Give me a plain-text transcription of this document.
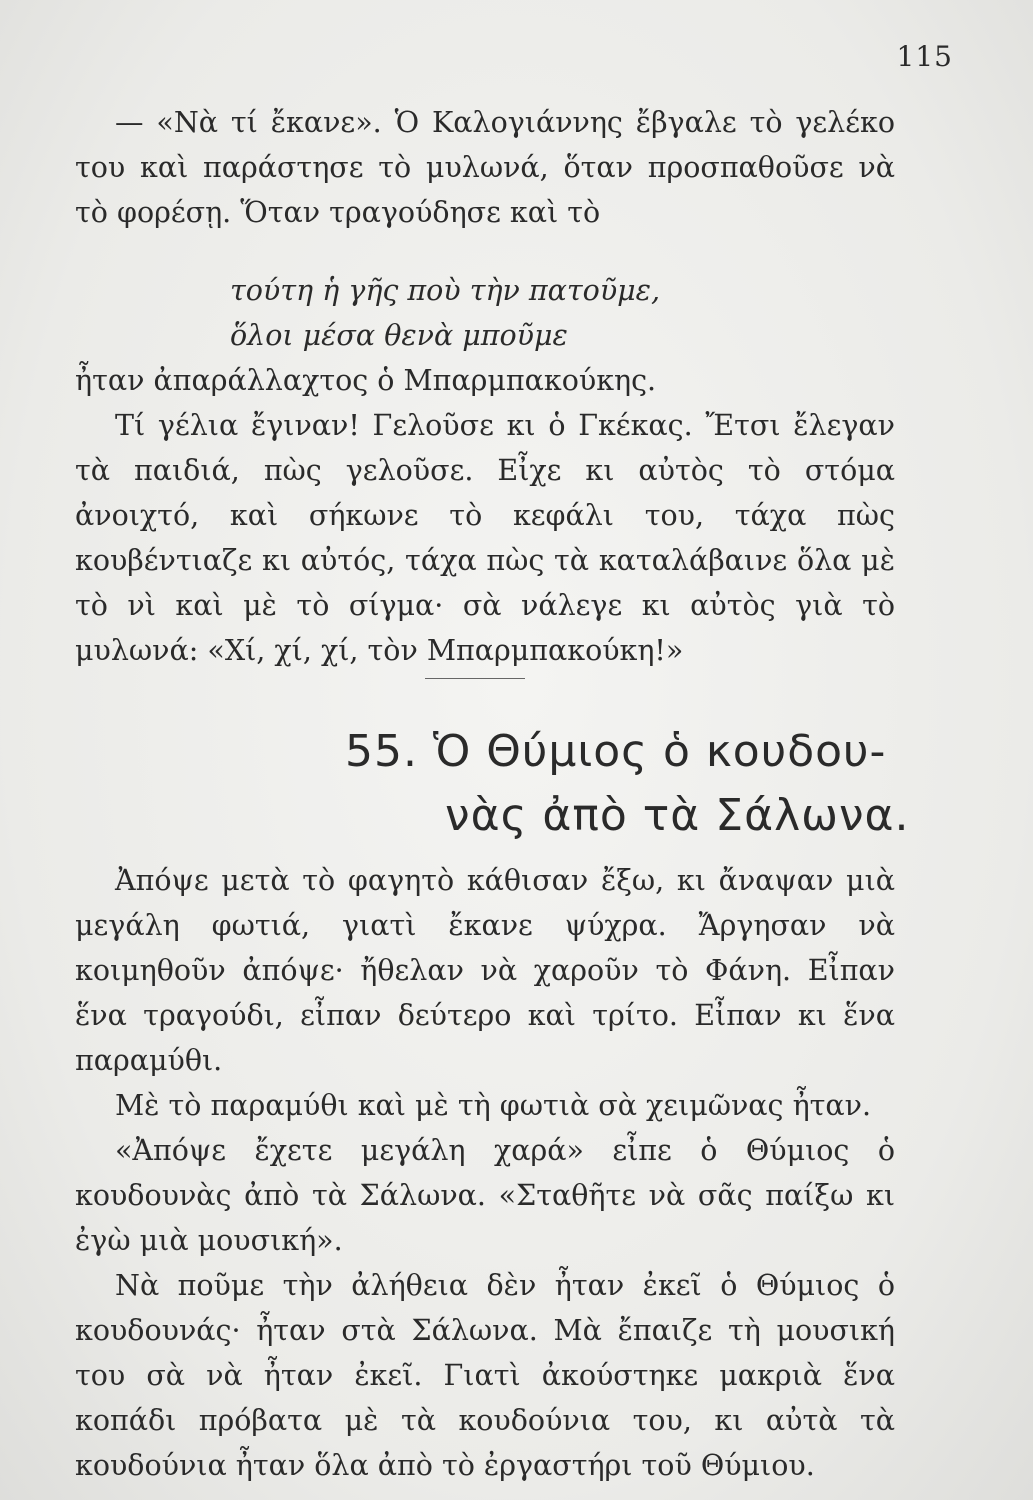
115

— «Νὰ τί ἔκανε». Ὁ Καλογιάννης ἔβγαλε τὸ γελέκο του καὶ παράστησε τὸ μυλωνά, ὅταν προσπαθοῦσε νὰ τὸ φορέσῃ. Ὅταν τραγούδησε καὶ τὸ

τούτη ἡ γῆς ποὺ τὴν πατοῦμε,
ὅλοι μέσα θενὰ μποῦμε

ἦταν ἀπαράλλαχτος ὁ Μπαρμπακούκης.

Τί γέλια ἔγιναν! Γελοῦσε κι ὁ Γκέκας. Ἔτσι ἔλεγαν τὰ παιδιά, πὼς γελοῦσε. Εἶχε κι αὐτὸς τὸ στόμα ἀνοιχτό, καὶ σήκωνε τὸ κεφάλι του, τάχα πὼς κουβέντιαζε κι αὐτός, τάχα πὼς τὰ καταλάβαινε ὅλα μὲ τὸ νὶ καὶ μὲ τὸ σίγμα· σὰ νάλεγε κι αὐτὸς γιὰ τὸ μυλωνά: «Χί, χί, χί, τὸν Μπαρμπακούκη!»

55. Ὁ Θύμιος ὁ κουδου-
νὰς ἀπὸ τὰ Σάλωνα.

Ἀπόψε μετὰ τὸ φαγητὸ κάθισαν ἔξω, κι ἄναψαν μιὰ μεγάλη φωτιά, γιατὶ ἔκανε ψύχρα. Ἄργησαν νὰ κοιμηθοῦν ἀπόψε· ἤθελαν νὰ χαροῦν τὸ Φάνη. Εἶπαν ἕνα τραγούδι, εἶπαν δεύτερο καὶ τρίτο. Εἶπαν κι ἕνα παραμύθι.

Μὲ τὸ παραμύθι καὶ μὲ τὴ φωτιὰ σὰ χειμῶνας ἦταν.

«Ἀπόψε ἔχετε μεγάλη χαρά» εἶπε ὁ Θύμιος ὁ κουδουνὰς ἀπὸ τὰ Σάλωνα. «Σταθῆτε νὰ σᾶς παίξω κι ἐγὼ μιὰ μουσική».

Νὰ ποῦμε τὴν ἀλήθεια δὲν ἦταν ἐκεῖ ὁ Θύμιος ὁ κουδουνάς· ἦταν στὰ Σάλωνα. Μὰ ἔπαιζε τὴ μουσική του σὰ νὰ ἦταν ἐκεῖ. Γιατὶ ἀκούστηκε μακριὰ ἕνα κοπάδι πρόβατα μὲ τὰ κουδούνια του, κι αὐτὰ τὰ κουδούνια ἦταν ὅλα ἀπὸ τὸ ἐργαστήρι τοῦ Θύμιου.
